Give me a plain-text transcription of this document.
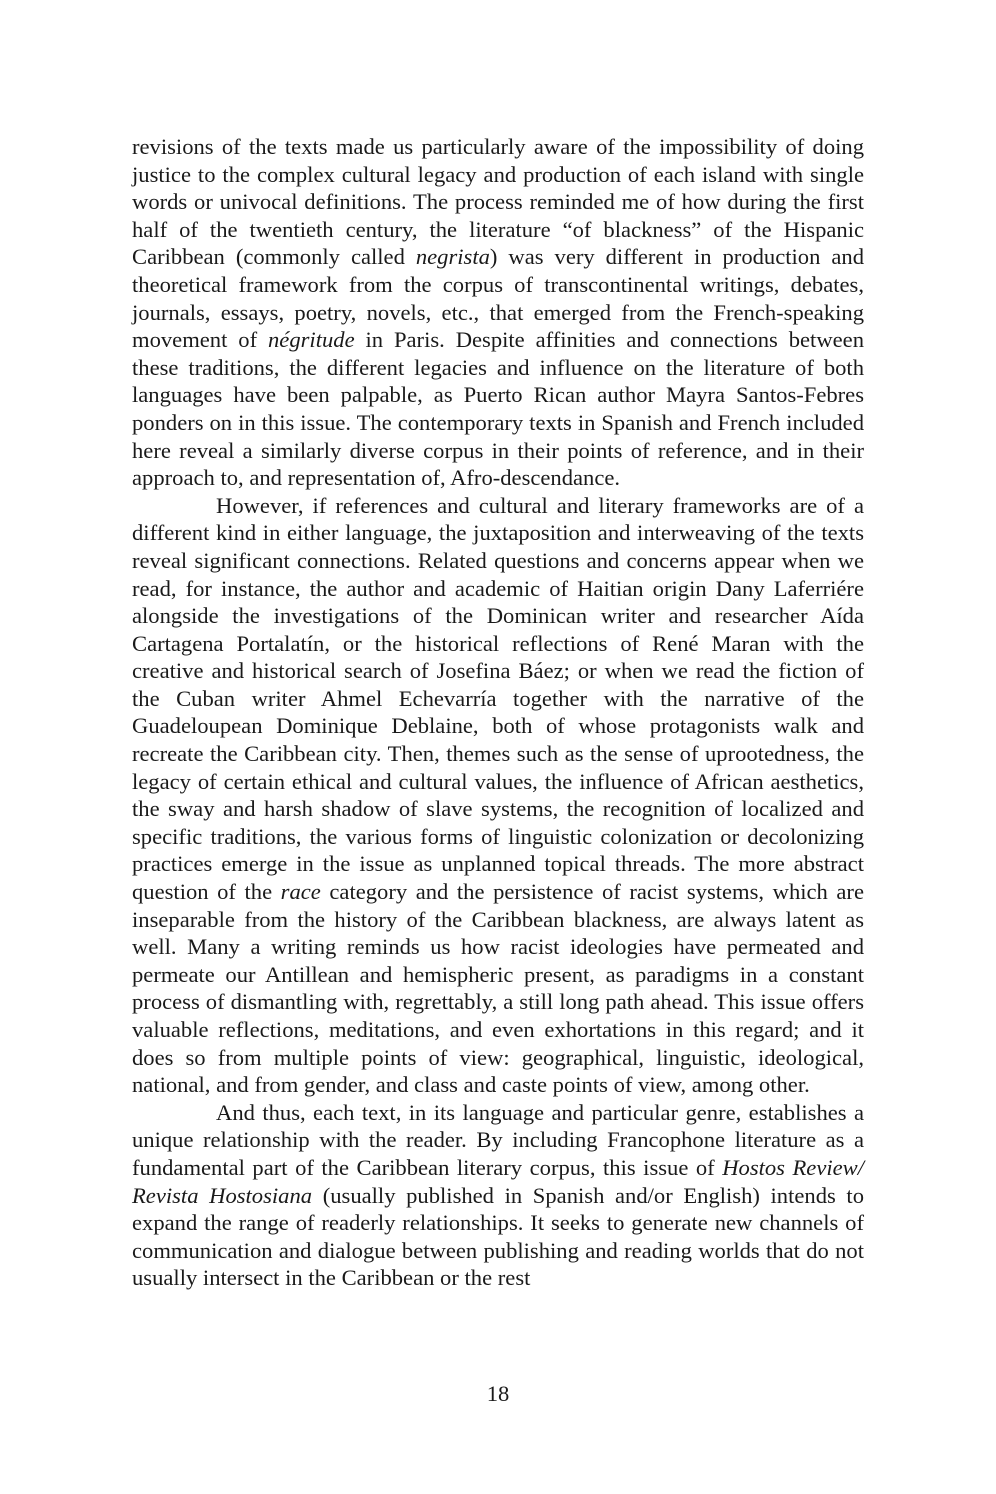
revisions of the texts made us particularly aware of the impossibility of doing justice to the complex cultural legacy and production of each island with single words or univocal definitions. The process reminded me of how during the first half of the twentieth century, the literature “of blackness” of the Hispanic Caribbean (commonly called negrista) was very different in production and theoretical framework from the corpus of transcontinental writings, debates, journals, essays, poetry, novels, etc., that emerged from the French-speaking movement of négritude in Paris. Despite affinities and connections between these traditions, the different legacies and influence on the literature of both languages have been palpable, as Puerto Rican author Mayra Santos-Febres ponders on in this issue. The contemporary texts in Spanish and French included here reveal a similarly diverse corpus in their points of reference, and in their approach to, and representation of, Afro-descendance.

However, if references and cultural and literary frameworks are of a different kind in either language, the juxtaposition and interweaving of the texts reveal significant connections. Related questions and concerns appear when we read, for instance, the author and academic of Haitian origin Dany Laferriére alongside the investigations of the Dominican writer and researcher Aída Cartagena Portalatín, or the historical reflections of René Maran with the creative and historical search of Josefina Báez; or when we read the fiction of the Cuban writer Ahmel Echevarría together with the narrative of the Guadeloupean Dominique Deblaine, both of whose protagonists walk and recreate the Caribbean city. Then, themes such as the sense of uprootedness, the legacy of certain ethical and cultural values, the influence of African aesthetics, the sway and harsh shadow of slave systems, the recognition of localized and specific traditions, the various forms of linguistic colonization or decolonizing practices emerge in the issue as unplanned topical threads. The more abstract question of the race category and the persistence of racist systems, which are inseparable from the history of the Caribbean blackness, are always latent as well. Many a writing reminds us how racist ideologies have permeated and permeate our Antillean and hemispheric present, as paradigms in a constant process of dismantling with, regrettably, a still long path ahead. This issue offers valuable reflections, meditations, and even exhortations in this regard; and it does so from multiple points of view: geographical, linguistic, ideological, national, and from gender, and class and caste points of view, among other.

And thus, each text, in its language and particular genre, establishes a unique relationship with the reader. By including Francophone literature as a fundamental part of the Caribbean literary corpus, this issue of Hostos Review/ Revista Hostosiana (usually published in Spanish and/or English) intends to expand the range of readerly relationships. It seeks to generate new channels of communication and dialogue between publishing and reading worlds that do not usually intersect in the Caribbean or the rest

18
